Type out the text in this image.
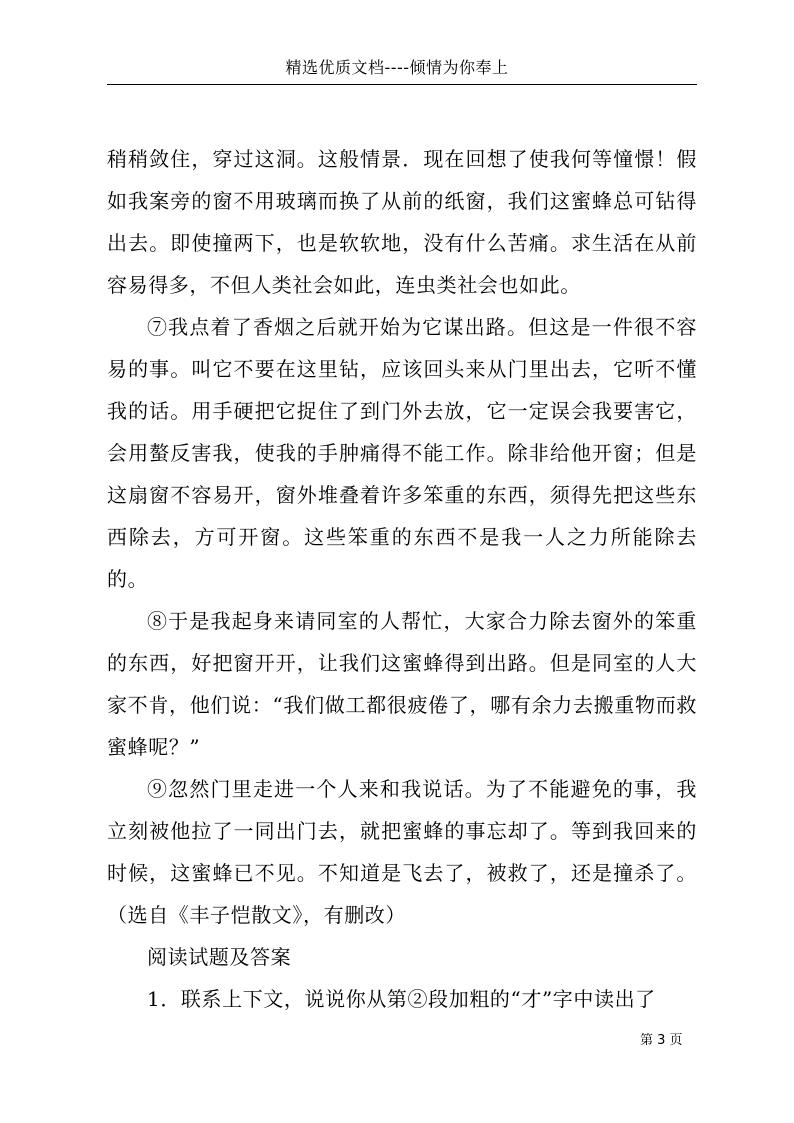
精选优质文档----倾情为你奉上

稍稍敛住，穿过这洞。这般情景．现在回想了使我何等憧憬！假如我案旁的窗不用玻璃而换了从前的纸窗，我们这蜜蜂总可钻得出去。即使撞两下，也是软软地，没有什么苦痛。求生活在从前容易得多，不但人类社会如此，连虫类社会也如此。

⑦我点着了香烟之后就开始为它谋出路。但这是一件很不容易的事。叫它不要在这里钻，应该回头来从门里出去，它听不懂我的话。用手硬把它捉住了到门外去放，它一定误会我要害它，会用螯反害我，使我的手肿痛得不能工作。除非给他开窗；但是这扇窗不容易开，窗外堆叠着许多笨重的东西，须得先把这些东西除去，方可开窗。这些笨重的东西不是我一人之力所能除去的。

⑧于是我起身来请同室的人帮忙，大家合力除去窗外的笨重的东西，好把窗开开，让我们这蜜蜂得到出路。但是同室的人大家不肯，他们说：“我们做工都很疲倦了，哪有余力去搬重物而救蜜蜂呢？”

⑨忽然门里走进一个人来和我说话。为了不能避免的事，我立刻被他拉了一同出门去，就把蜜蜂的事忘却了。等到我回来的时候，这蜜蜂已不见。不知道是飞去了，被救了，还是撞杀了。（选自《丰子恺散文》，有删改）

阅读试题及答案

1．联系上下文，说说你从第②段加粗的“才”字中读出了

第 3 页
